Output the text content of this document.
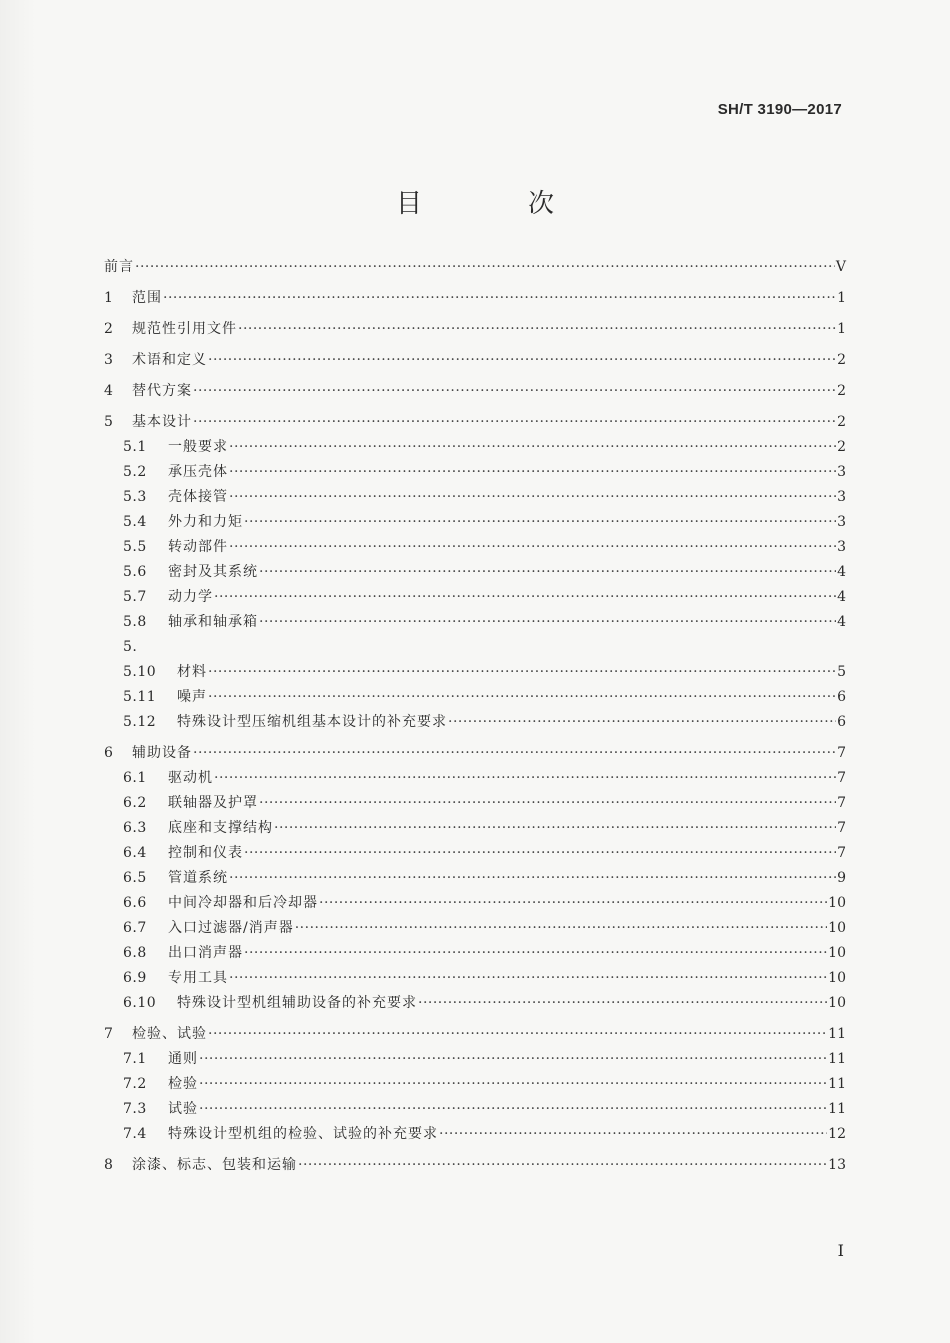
SH/T 3190—2017
目　次
前言 ·····	V
1	范围 ·····	1
2	规范性引用文件 ·····	1
3	术语和定义 ·····	2
4	替代方案 ·····	2
5	基本设计 ·····	2
5.1	一般要求 ·····	2
5.2	承压壳体 ·····	3
5.3	壳体接管 ·····	3
5.4	外力和力矩 ·····	3
5.5	转动部件 ·····	3
5.6	密封及其系统 ·····	4
5.7	动力学 ·····	4
5.8	轴承和轴承箱 ·····	4
5.
5.10	材料 ·····	5
5.11	噪声 ·····	6
5.12	特殊设计型压缩机组基本设计的补充要求 ·····	6
6	辅助设备 ·····	7
6.1	驱动机 ·····	7
6.2	联轴器及护罩 ·····	7
6.3	底座和支撑结构 ·····	7
6.4	控制和仪表 ·····	7
6.5	管道系统 ·····	9
6.6	中间冷却器和后冷却器 ·····	10
6.7	入口过滤器/消声器 ·····	10
6.8	出口消声器 ·····	10
6.9	专用工具 ·····	10
6.10	特殊设计型机组辅助设备的补充要求 ·····	10
7	检验、试验 ·····	11
7.1	通则 ·····	11
7.2	检验 ·····	11
7.3	试验 ·····	11
7.4	特殊设计型机组的检验、试验的补充要求 ·····	12
8	涂漆、标志、包装和运输 ·····	13
I
